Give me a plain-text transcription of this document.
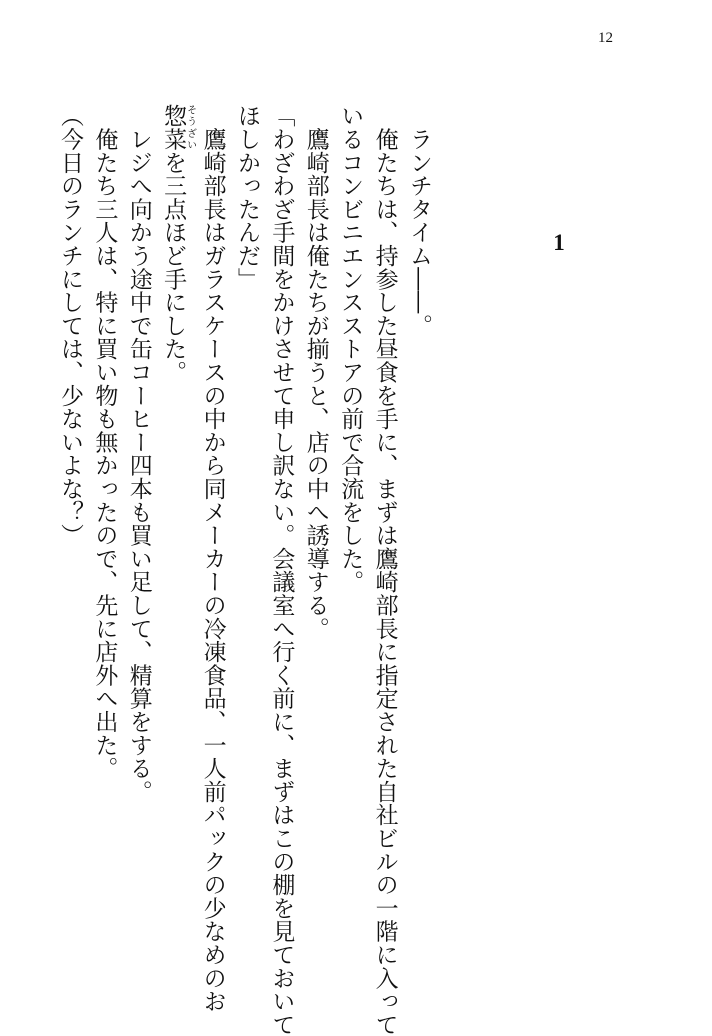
12
1

　ランチタイム――。

　俺たちは、持参した昼食を手に、まずは鷹崎部長に指定された自社ビルの一階に入って

いるコンビニエンスストアの前で合流をした。

　鷹崎部長は俺たちが揃うと、店の中へ誘導する。

「わざわざ手間をかけさせて申し訳ない。会議室へ行く前に、まずはこの棚を見ておいて

ほしかったんだ」

　鷹崎部長はガラスケースの中から同メーカーの冷凍食品、一人前パックの少なめのお

惣菜そうざいを三点ほど手にした。

　レジへ向かう途中で缶コーヒー四本も買い足して、精算をする。

　俺たち三人は、特に買い物も無かったので、先に店外へ出た。

（今日のランチにしては、少ないよな？）
